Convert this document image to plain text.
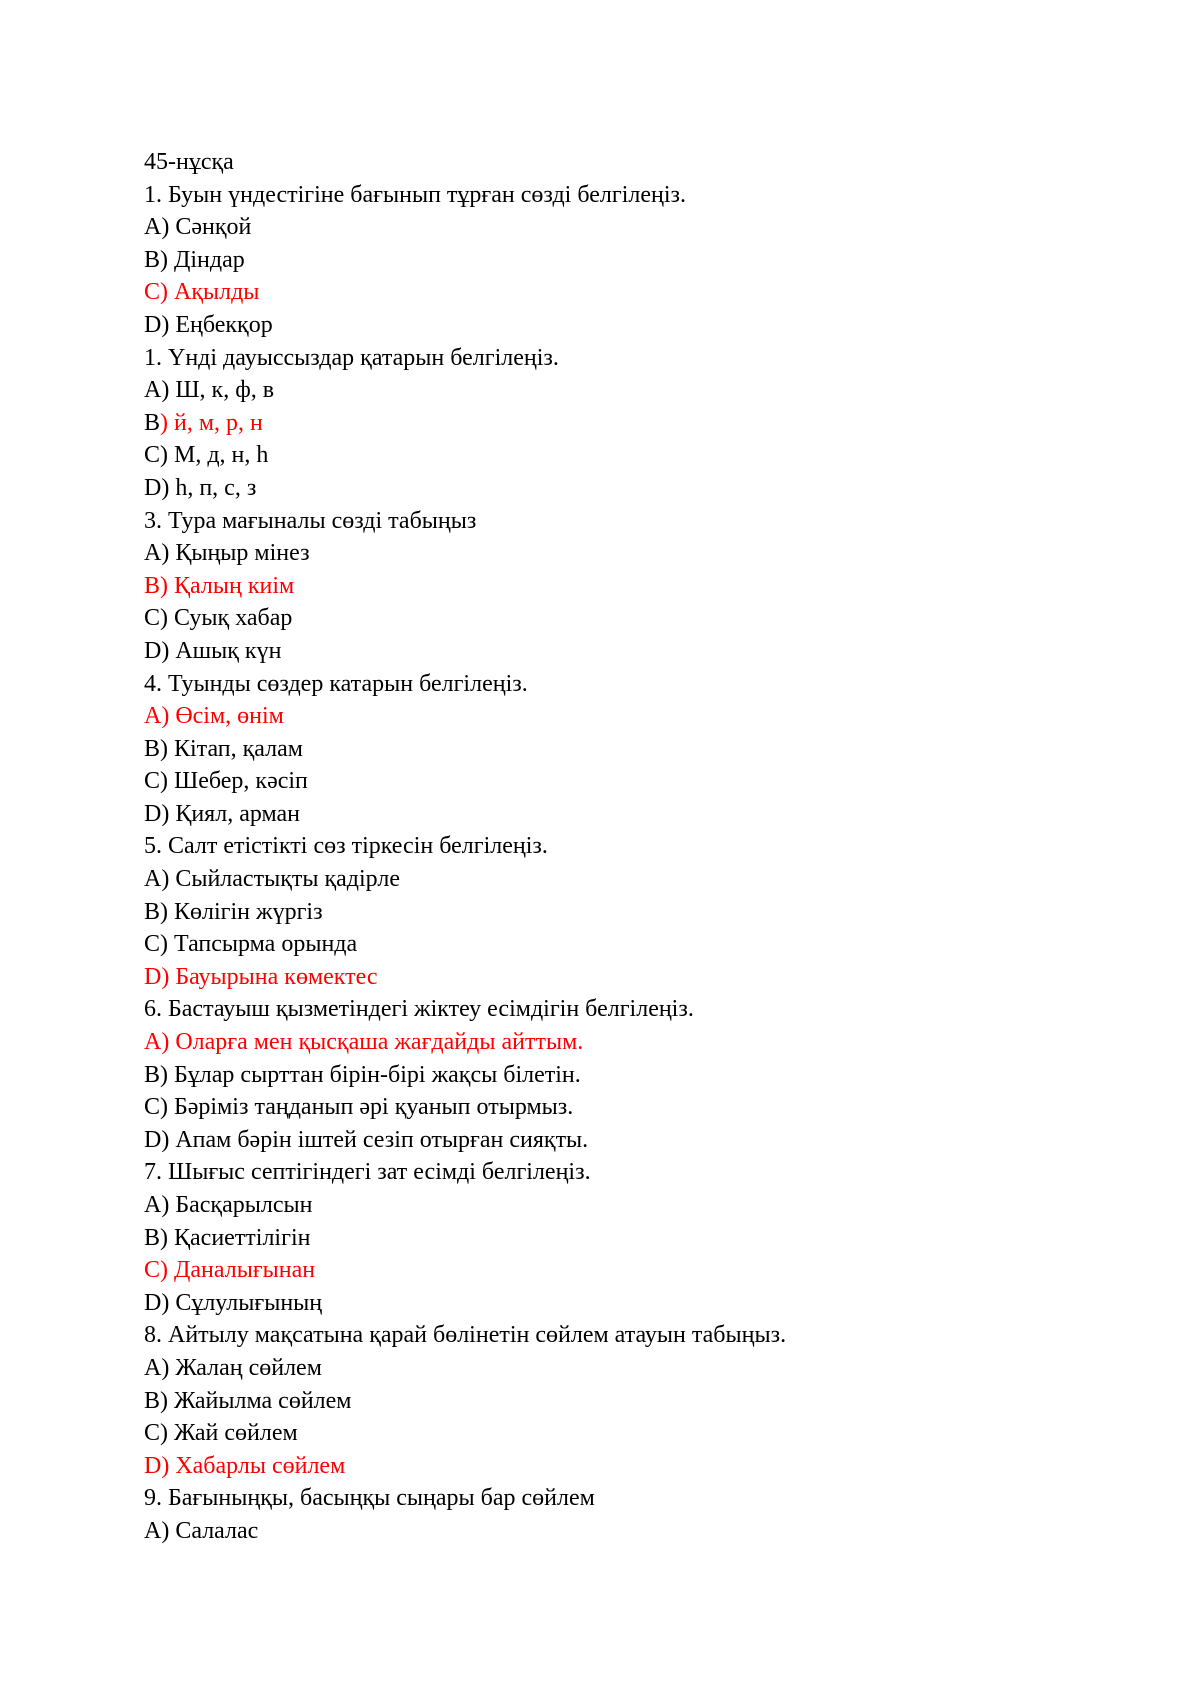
45-нұсқа
1. Буын үндестігіне бағынып тұрған сөзді белгілеңіз.
A) Сәнқой
B) Діндар
C) Ақылды
D) Еңбекқор
1. Үнді дауыссыздар қатарын белгілеңіз.
A) Ш, к, ф, в
B) й, м, р, н
C) М, д, н, һ
D) һ, п, с, з
3. Тура мағыналы сөзді табыңыз
A) Қыңыр мінез
B) Қалың киім
C) Суық хабар
D) Ашық күн
4. Туынды сөздер катарын белгілеңіз.
A) Өсім, өнім
B) Кітап, қалам
C) Шебер, кәсіп
D) Қиял, арман
5. Салт етістікті сөз тіркесін белгілеңіз.
A) Сыйластықты қадірле
B) Көлігін жүргіз
C) Тапсырма орында
D) Бауырына көмектес
6. Бастауыш қызметіндегі жіктеу есімдігін белгілеңіз.
A) Оларға мен қысқаша жағдайды айттым.
B) Бұлар сырттан бірін-бірі жақсы білетін.
C) Бәріміз таңданып әрі қуанып отырмыз.
D) Апам бәрін іштей сезіп отырған сияқты.
7. Шығыс септігіндегі зат есімді белгілеңіз.
A) Басқарылсын
B) Қасиеттілігін
C) Даналығынан
D) Сұлулығының
8. Айтылу мақсатына қарай бөлінетін сөйлем атауын табыңыз.
A) Жалаң сөйлем
B) Жайылма сөйлем
C) Жай сөйлем
D) Хабарлы сөйлем
9. Бағыныңқы, басыңқы сыңары бар сөйлем
A) Салалас
